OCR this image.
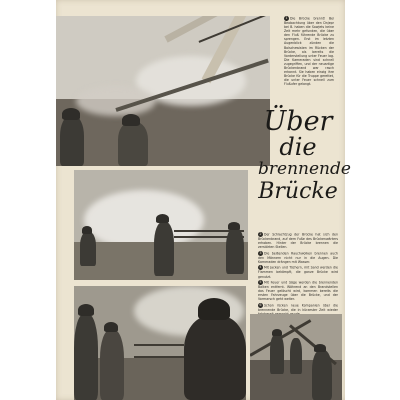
1 Die Brücke brennt! Bei Beobachtung über den Dnjepr bei B. haben die Sowjets keine Zeit mehr gefunden, die über den Fluß führende Brücke zu sprengen. Erst im letzten Augenblick zünden die Bolschewisten im Rücken der Brücke, als bereits die Vorderstellung unter Feuer lag. Die Kameraden sind schnell zugegriffen, und der neuartige Brückenbrand war rasch erkannt. Sie haben einzig ihre Brücke für die Truppe gerettet, die unter Feuer schnell zum Flußufer gelangt.

Über
die
brennende
Brücke

2 Der Schlachtzug der Brücke hat sich den Brückenbrand, auf dem Fuße des Brückenwärters erhoben. Hinter der Brücke brennen die zerstörten Stellen.

3 Die beißenden Rauchwolken brennen auch den Männern nicht nur in die Augen. Die Kameraden drängen mit Wasser.

4 Mit Jacken und Tüchern, mit Sand werden die Flammen bekämpft, die ganze Brücke wird genutzt.

5 Mit Feuer und Säge werden die brennenden Balken entfernt. Während an den Brandstellen das Feuer gelöscht wird, kommen bereits die ersten Fahrzeuge über die Brücke, und der Vormarsch geht weiter.

6 Schon rücken neue Kompanien über die brennende Brücke, die in kürzester Zeit wieder
